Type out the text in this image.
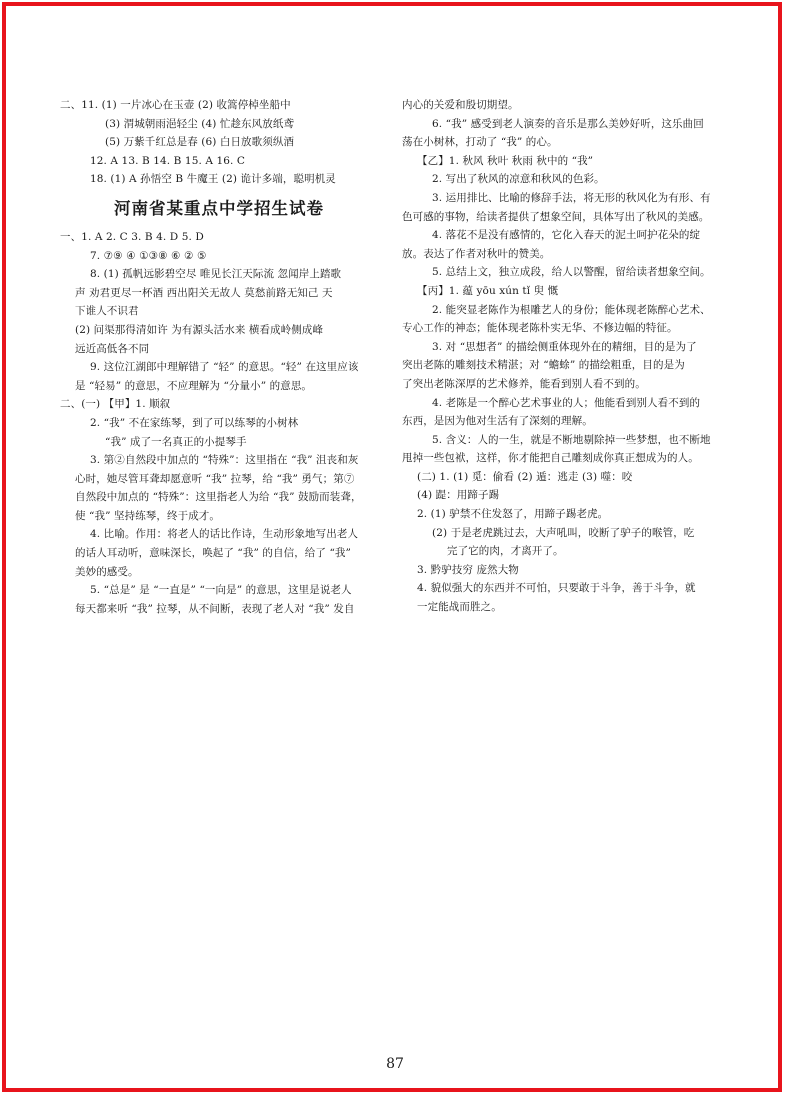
二、11. (1) 一片冰心在玉壶 (2) 收篙停棹坐船中
(3) 渭城朝雨浥轻尘 (4) 忙趁东风放纸鸢
(5) 万紫千红总是春 (6) 白日放歌须纵酒
12. A 13. B 14. B 15. A 16. C
18. (1) A 孙悟空 B 牛魔王 (2) 诡计多端，聪明机灵
河南省某重点中学招生试卷
一、1. A 2. C 3. B 4. D 5. D
7. ⑦⑨ ④ ①③⑧ ⑥ ② ⑤
8. (1) 孤帆远影碧空尽 唯见长江天际流 忽闻岸上踏歌
声 劝君更尽一杯酒 西出阳关无故人 莫愁前路无知己 天
下谁人不识君
(2) 问渠那得清如许 为有源头活水来 横看成岭侧成峰
远近高低各不同
9. 这位江湖郎中理解错了 “轻” 的意思。“轻” 在这里应该
是 “轻易” 的意思，不应理解为 “分量小” 的意思。
二、(一) 【甲】1. 顺叙
2. “我” 不在家练琴，到了可以练琴的小树林
“我” 成了一名真正的小提琴手
3. 第②自然段中加点的 “特殊”：这里指在 “我” 沮丧和灰
心时，她尽管耳聋却愿意听 “我” 拉琴，给 “我” 勇气；第⑦
自然段中加点的 “特殊”：这里指老人为给 “我” 鼓励而装聋，
使 “我” 坚持练琴，终于成才。
4. 比喻。作用：将老人的话比作诗，生动形象地写出老人
的话人耳动听，意味深长，唤起了 “我” 的自信，给了 “我”
美妙的感受。
5. “总是” 是 “一直是” “一向是” 的意思，这里是说老人
每天都来听 “我” 拉琴，从不间断，表现了老人对 “我” 发自
内心的关爱和殷切期望。
6. “我” 感受到老人演奏的音乐是那么美妙好听，这乐曲回
荡在小树林，打动了 “我” 的心。
【乙】1. 秋风 秋叶 秋雨 秋中的 “我”
2. 写出了秋风的凉意和秋风的色彩。
3. 运用排比、比喻的修辞手法，将无形的秋风化为有形、有
色可感的事物，给读者提供了想象空间，具体写出了秋风的美感。
4. 落花不是没有感情的，它化入春天的泥土呵护花朵的绽
放。表达了作者对秋叶的赞美。
5. 总结上文，独立成段，给人以警醒，留给读者想象空间。
【丙】1. 蕴 yōu xún tǐ 臾 慨
2. 能突显老陈作为根雕艺人的身份；能体现老陈醉心艺术、
专心工作的神态；能体现老陈朴实无华、不修边幅的特征。
3. 对 “思想者” 的描绘侧重体现外在的精细，目的是为了
突出老陈的雕刻技术精湛；对 “蟾蜍” 的描绘粗重，目的是为
了突出老陈深厚的艺术修养，能看到别人看不到的。
4. 老陈是一个醉心艺术事业的人；他能看到别人看不到的
东西，是因为他对生活有了深刻的理解。
5. 含义：人的一生，就是不断地剔除掉一些梦想，也不断地
甩掉一些包袱，这样，你才能把自己雕刻成你真正想成为的人。
(二) 1. (1) 觅：偷看 (2) 遁：逃走 (3) 噬：咬
(4) 踶：用蹄子踢
2. (1) 驴禁不住发怒了，用蹄子踢老虎。
(2) 于是老虎跳过去，大声吼叫，咬断了驴子的喉管，吃
完了它的肉，才离开了。
3. 黔驴技穷 庞然大物
4. 貌似强大的东西并不可怕，只要敢于斗争，善于斗争，就
一定能战而胜之。
87
